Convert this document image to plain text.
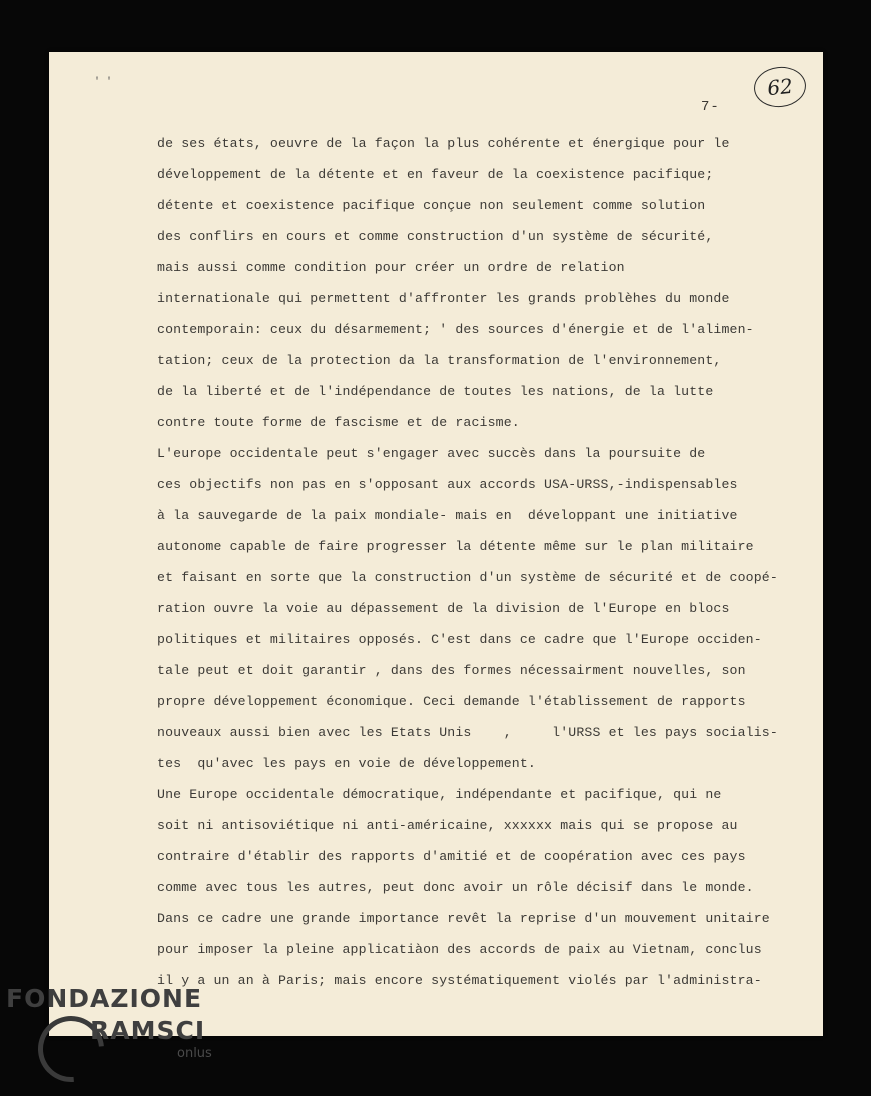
' '
7-
62
de ses états, oeuvre de la façon la plus cohérente et énergique pour le
développement de la détente et en faveur de la coexistence pacifique;
détente et coexistence pacifique conçue non seulement comme solution
des conflirs en cours et comme construction d'un système de sécurité,
mais aussi comme condition pour créer un ordre de relation
internationale qui permettent d'affronter les grands problèhes du monde
contemporain: ceux du désarmement; ' des sources d'énergie et de l'alimen-
tation; ceux de la protection da la transformation de l'environnement,
de la liberté et de l'indépendance de toutes les nations, de la lutte
contre toute forme de fascisme et de racisme.
L'europe occidentale peut s'engager avec succès dans la poursuite de
ces objectifs non pas en s'opposant aux accords USA-URSS,-indispensables
à la sauvegarde de la paix mondiale- mais en  développant une initiative
autonome capable de faire progresser la détente même sur le plan militaire
et faisant en sorte que la construction d'un système de sécurité et de coopé-
ration ouvre la voie au dépassement de la division de l'Europe en blocs
politiques et militaires opposés. C'est dans ce cadre que l'Europe occiden-
tale peut et doit garantir , dans des formes nécessairment nouvelles, son
propre développement économique. Ceci demande l'établissement de rapports
nouveaux aussi bien avec les Etats Unis    ,     l'URSS et les pays socialis-
tes  qu'avec les pays en voie de développement.
Une Europe occidentale démocratique, indépendante et pacifique, qui ne
soit ni antisoviétique ni anti-américaine, xxxxxx mais qui se propose au
contraire d'établir des rapports d'amitié et de coopération avec ces pays
comme avec tous les autres, peut donc avoir un rôle décisif dans le monde.
Dans ce cadre une grande importance revêt la reprise d'un mouvement unitaire
pour imposer la pleine applicatiàon des accords de paix au Vietnam, conclus
il y a un an à Paris; mais encore systématiquement violés par l'administra-
FONDAZIONE
RAMSCI
onlus
